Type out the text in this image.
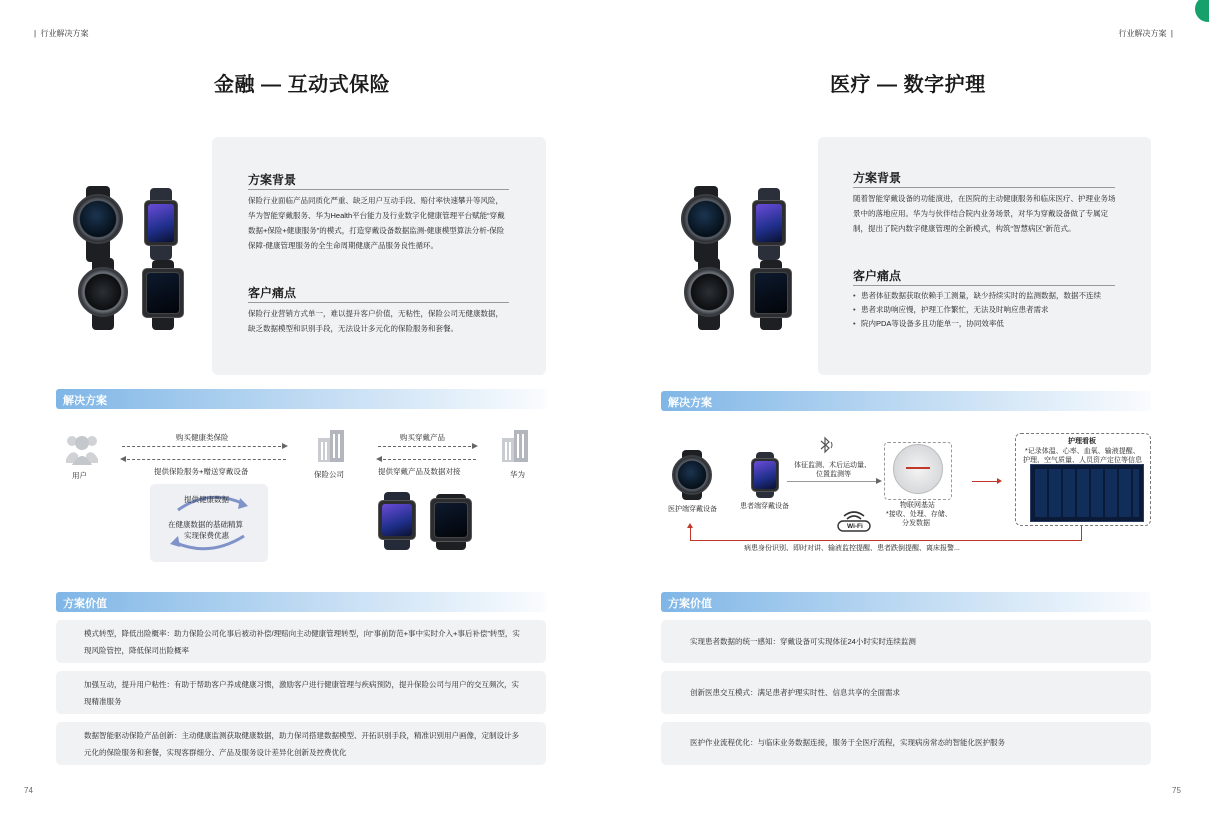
|  行业解决方案	行业解决方案  |
金融 — 互动式保险	医疗 — 数字护理
方案背景
保险行业面临产品同质化严重、缺乏用户互动手段、赔付率快速攀升等风险，华为智能穿戴服务、华为Health平台能力及行业数字化健康管理平台赋能“穿戴数据+保险+健康服务”的模式，打造穿戴设备数据监测-健康模型算法分析-保险保障-健康管理服务的全生命周期健康产品服务良性循环。
客户痛点
保险行业营销方式单一，难以提升客户价值，无粘性，保险公司无健康数据，缺乏数据模型和识别手段，无法设计多元化的保险服务和套餐。
解决方案
用户
购买健康类保险
提供保险服务+赠送穿戴设备	保险公司
购买穿戴产品
提供穿戴产品及数据对接	华为
提供健康数据
在健康数据的基础精算
实现保费优惠
方案价值
模式转型，降低出险概率：助力保险公司化事后被动补偿/理赔向主动健康管理转型，向“事前防范+事中实时介入+事后补偿”转型，实现风险管控，降低保司出险概率
加强互动，提升用户粘性：有助于帮助客户养成健康习惯，激励客户进行健康管理与疾病预防，提升保险公司与用户的交互频次，实现精准服务
数据智能驱动保险产品创新：主动健康监测获取健康数据，助力保司搭建数据模型、开拓识别手段，精准识别用户画像，定制设计多元化的保险服务和套餐，实现客群细分、产品及服务设计差异化创新及控费优化
74
方案背景
随着智能穿戴设备的功能演进，在医院的主动健康服务和临床医疗、护理业务场景中的落地应用。华为与伙伴结合院内业务场景，对华为穿戴设备做了专属定制，提出了院内数字健康管理的全新模式，构筑“智慧病区”新范式。
客户痛点
• 患者体征数据获取依赖手工测量，缺少持续实时的监测数据，数据不连续
• 患者求助响应慢，护理工作繁忙，无法及时响应患者需求
• 院内PDA等设备多且功能单一，协同效率低
解决方案
医护端穿戴设备	患者端穿戴设备
体征监测、术后运动量、
位置监测等
Wi-Fi
物联网基站
*接收、处理、存储、
分发数据
护理看板
*记录体温、心率、血氧、输液提醒、
护理、空气质量、人员资产定位等信息
病患身份识别、即时对讲、输液监控提醒、患者跌倒提醒、离床报警...
方案价值
实现患者数据的统一感知：穿戴设备可实现体征24小时实时连续监测
创新医患交互模式：满足患者护理实时性、信息共享的全面需求
医护作业流程优化：与临床业务数据连接，服务于全医疗流程，实现病房常态的智能化医护服务
75
